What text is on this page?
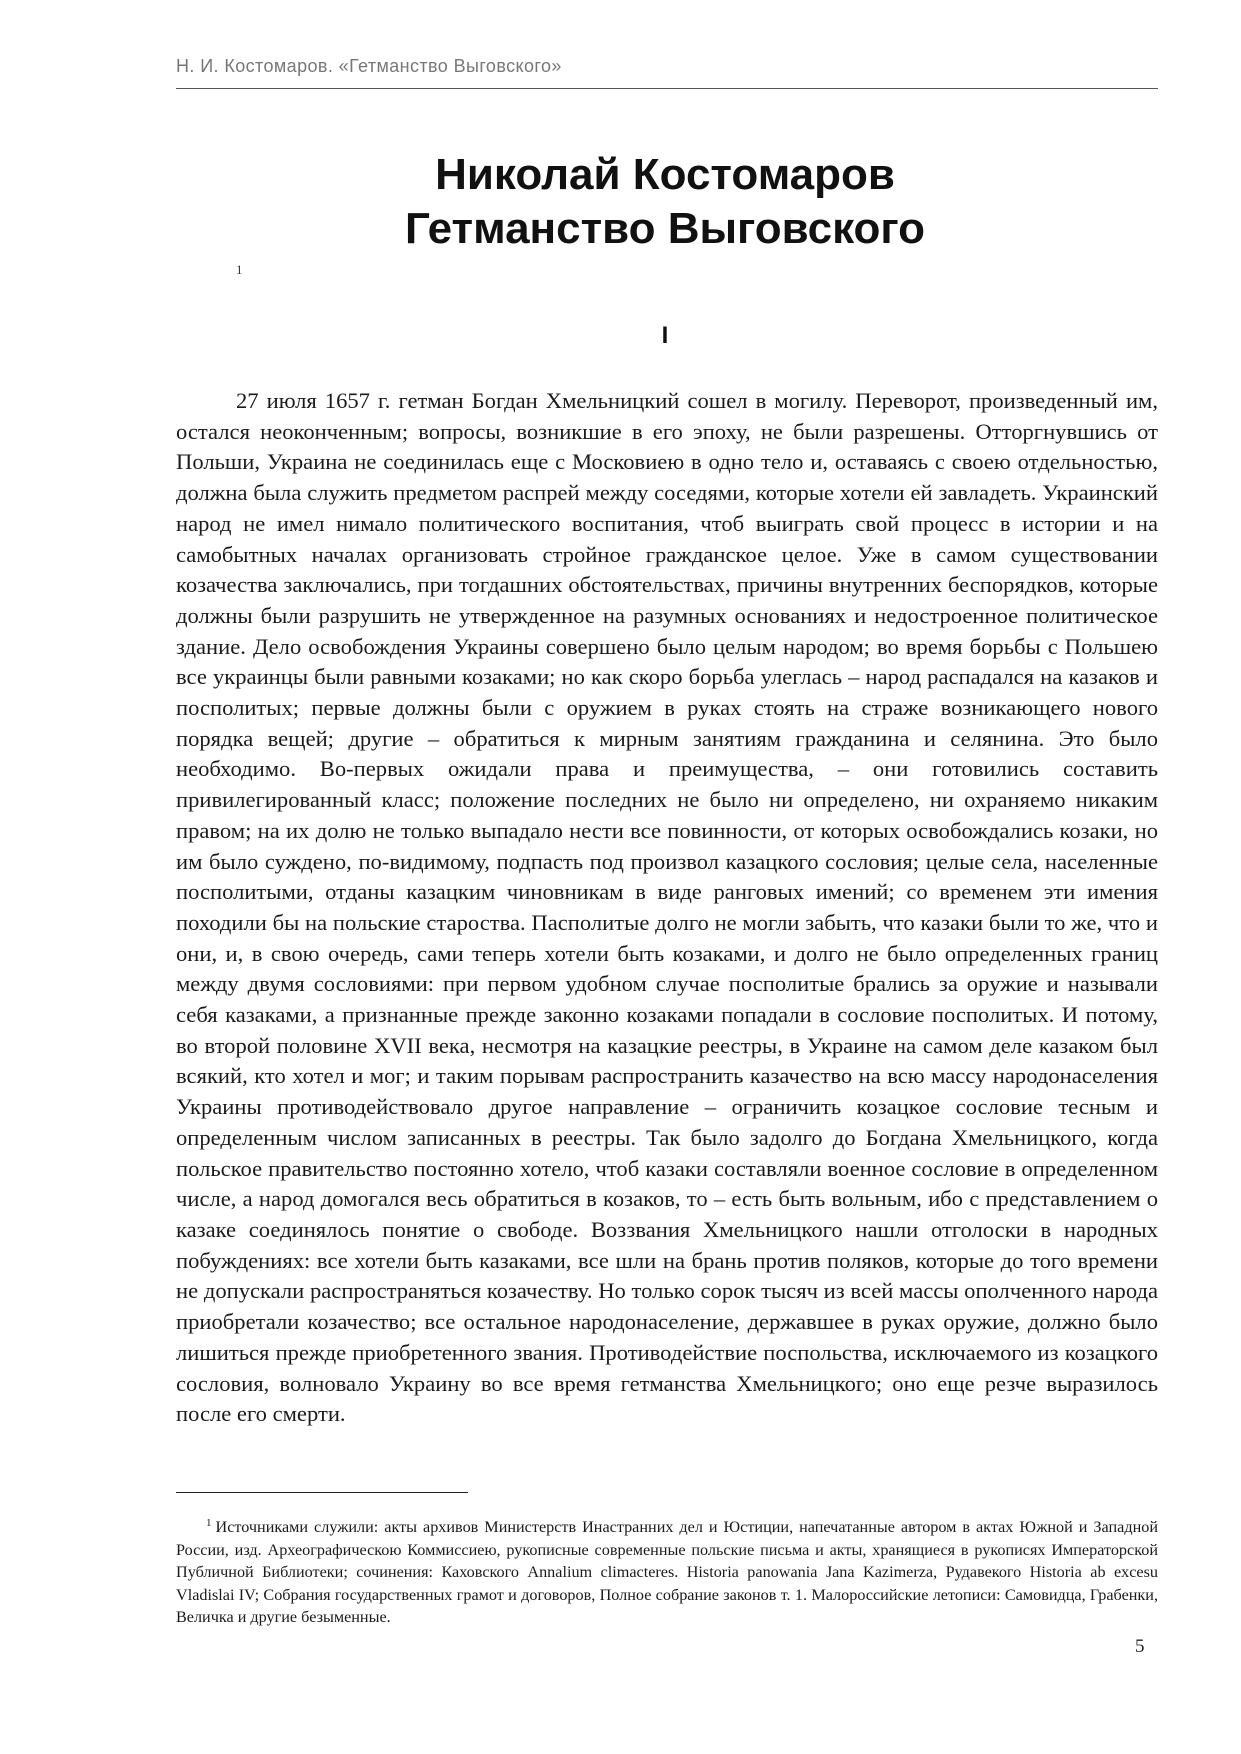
Н. И. Костомаров. «Гетманство Выговского»
Николай Костомаров
Гетманство Выговского
1
I

27 июля 1657 г. гетман Богдан Хмельницкий сошел в могилу. Переворот, произведенный им, остался неоконченным; вопросы, возникшие в его эпоху, не были разрешены. Отторгнувшись от Польши, Украина не соединилась еще с Московиею в одно тело и, оставаясь с своею отдельностью, должна была служить предметом распрей между соседями, которые хотели ей завладеть. Украинский народ не имел нимало политического воспитания, чтоб выиграть свой процесс в истории и на самобытных началах организовать стройное гражданское целое. Уже в самом существовании козачества заключались, при тогдашних обстоятельствах, причины внутренних беспорядков, которые должны были разрушить не утвержденное на разумных основаниях и недостроенное политическое здание. Дело освобождения Украины совершено было целым народом; во время борьбы с Польшею все украинцы были равными козаками; но как скоро борьба улеглась – народ распадался на казаков и посполитых; первые должны были с оружием в руках стоять на страже возникающего нового порядка вещей; другие – обратиться к мирным занятиям гражданина и селянина. Это было необходимо. Во-первых ожидали права и преимущества, – они готовились составить привилегированный класс; положение последних не было ни определено, ни охраняемо никаким правом; на их долю не только выпадало нести все повинности, от которых освобождались козаки, но им было суждено, по-видимому, подпасть под произвол казацкого сословия; целые села, населенные посполитыми, отданы казацким чиновникам в виде ранговых имений; со временем эти имения походили бы на польские староства. Пасполитые долго не могли забыть, что казаки были то же, что и они, и, в свою очередь, сами теперь хотели быть козаками, и долго не было определенных границ между двумя сословиями: при первом удобном случае посполитые брались за оружие и называли себя казаками, а признанные прежде законно козаками попадали в сословие посполитых. И потому, во второй половине XVII века, несмотря на казацкие реестры, в Украине на самом деле казаком был всякий, кто хотел и мог; и таким порывам распространить казачество на всю массу народонаселения Украины противодействовало другое направление – ограничить козацкое сословие тесным и определенным числом записанных в реестры. Так было задолго до Богдана Хмельницкого, когда польское правительство постоянно хотело, чтоб казаки составляли военное сословие в определенном числе, а народ домогался весь обратиться в козаков, то – есть быть вольным, ибо с представлением о казаке соединялось понятие о свободе. Воззвания Хмельницкого нашли отголоски в народных побуждениях: все хотели быть казаками, все шли на брань против поляков, которые до того времени не допускали распространяться козачеству. Но только сорок тысяч из всей массы ополченного народа приобретали козачество; все остальное народонаселение, державшее в руках оружие, должно было лишиться прежде приобретенного звания. Противодействие поспольства, исключаемого из козацкого сословия, волновало Украину во все время гетманства Хмельницкого; оно еще резче выразилось после его смерти.

$^1$ Источниками служили: акты архивов Министерств Инастранних дел и Юстиции, напечатанные автором в актах Южной и Западной России, изд. Археографическою Коммиссиею, рукописные современные польские письма и акты, хранящиеся в рукописях Императорской Публичной Библиотеки; сочинения: Каховского Annalium climacteres. Historia panowania Jana Kazimerza, Рудавекого Historia ab excesu Vladislai IV; Собрания государственных грамот и договоров, Полное собрание законов т. 1. Малороссийские летописи: Самовидца, Грабенки, Величка и другие безыменные.

5
